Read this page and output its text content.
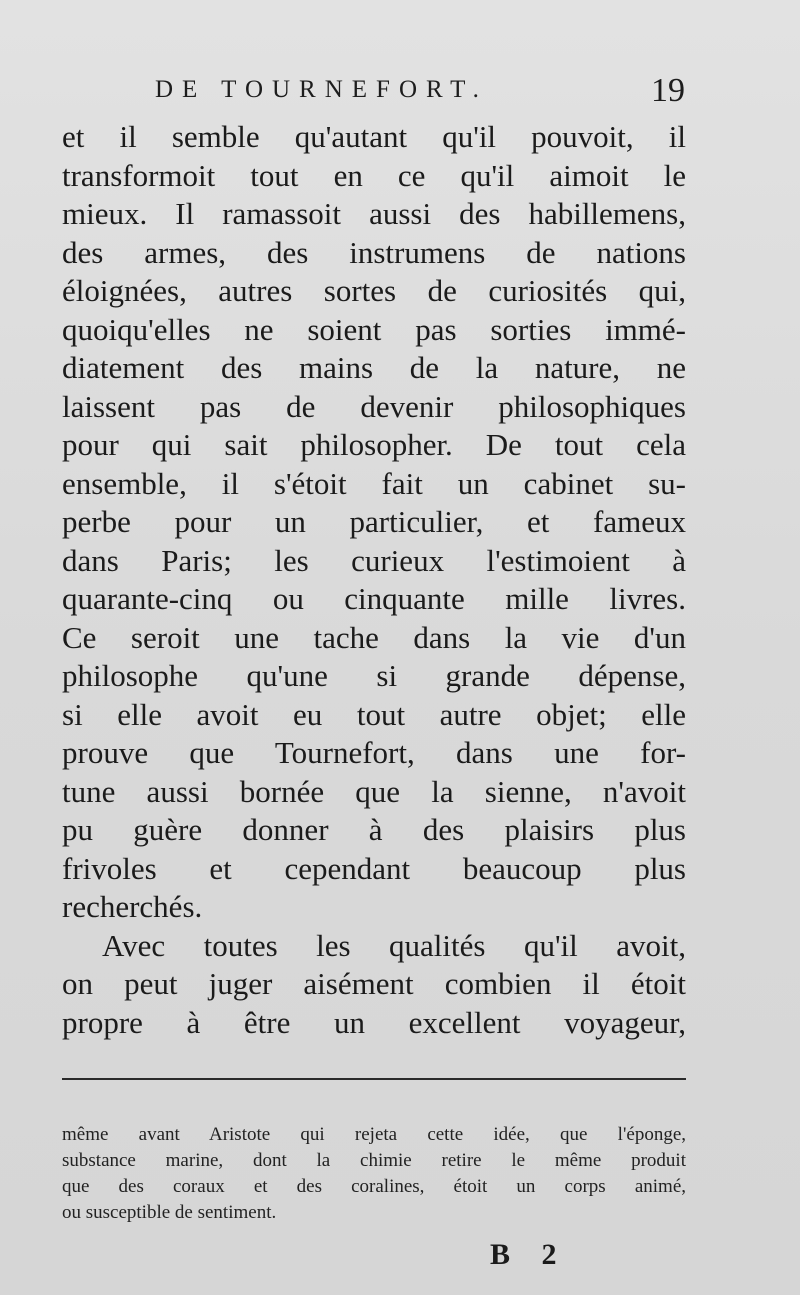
DE TOURNEFORT.	19
et il semble qu'autant qu'il pouvoit, il
transformoit tout en ce qu'il aimoit le
mieux. Il ramassoit aussi des habillemens,
des armes, des instrumens de nations
éloignées, autres sortes de curiosités qui,
quoiqu'elles ne soient pas sorties immé-
diatement des mains de la nature, ne
laissent pas de devenir philosophiques
pour qui sait philosopher. De tout cela
ensemble, il s'étoit fait un cabinet su-
perbe pour un particulier, et fameux
dans Paris; les curieux l'estimoient à
quarante-cinq ou cinquante mille livres.
Ce seroit une tache dans la vie d'un
philosophe qu'une si grande dépense,
si elle avoit eu tout autre objet; elle
prouve que Tournefort, dans une for-
tune aussi bornée que la sienne, n'avoit
pu guère donner à des plaisirs plus
frivoles et cependant beaucoup plus
recherchés.
Avec toutes les qualités qu'il avoit,
on peut juger aisément combien il étoit
propre à être un excellent voyageur,
même avant Aristote qui rejeta cette idée, que l'éponge,
substance marine, dont la chimie retire le même produit
que des coraux et des coralines, étoit un corps animé,
ou susceptible de sentiment.
B 2
